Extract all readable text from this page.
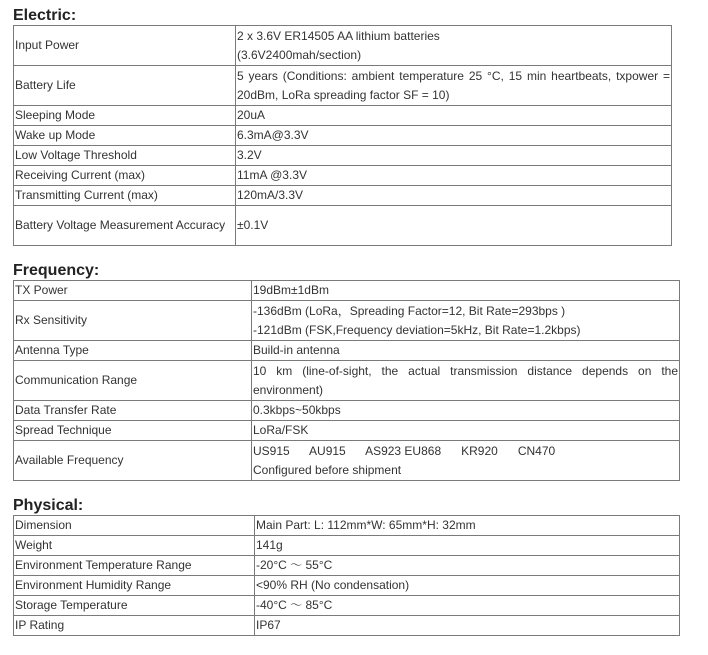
Electric:
Input Power	2 x 3.6V ER14505 AA lithium batteries
(3.6V2400mah/section)

Battery Life	5 years (Conditions: ambient temperature 25 °C, 15 min heartbeats, txpower = 20dBm, LoRa spreading factor SF = 10)
Sleeping Mode	20uA
Wake up Mode	6.3mA@3.3V
Low Voltage Threshold	3.2V
Receiving Current (max)	11mA @3.3V
Transmitting Current (max)	120mA/3.3V
Battery Voltage Measurement Accuracy	±0.1V
Frequency:
TX Power	19dBm±1dBm
Rx Sensitivity	-136dBm (LoRa，Spreading Factor=12, Bit Rate=293bps )
-121dBm (FSK,Frequency deviation=5kHz, Bit Rate=1.2kbps)

Antenna Type	Build-in antenna
Communication Range	10 km (line-of-sight, the actual transmission distance depends on the environment)
Data Transfer Rate	0.3kbps~50kbps
Spread Technique	LoRa/FSK
Available Frequency	US915      AU915      AS923 EU868      KR920      CN470
Configured before shipment
Physical:
Dimension	Main Part: L: 112mm*W: 65mm*H: 32mm
Weight	141g
Environment Temperature Range	-20°C ～ 55°C
Environment Humidity Range	<90% RH (No condensation)
Storage Temperature	-40°C ～ 85°C
IP Rating	IP67
